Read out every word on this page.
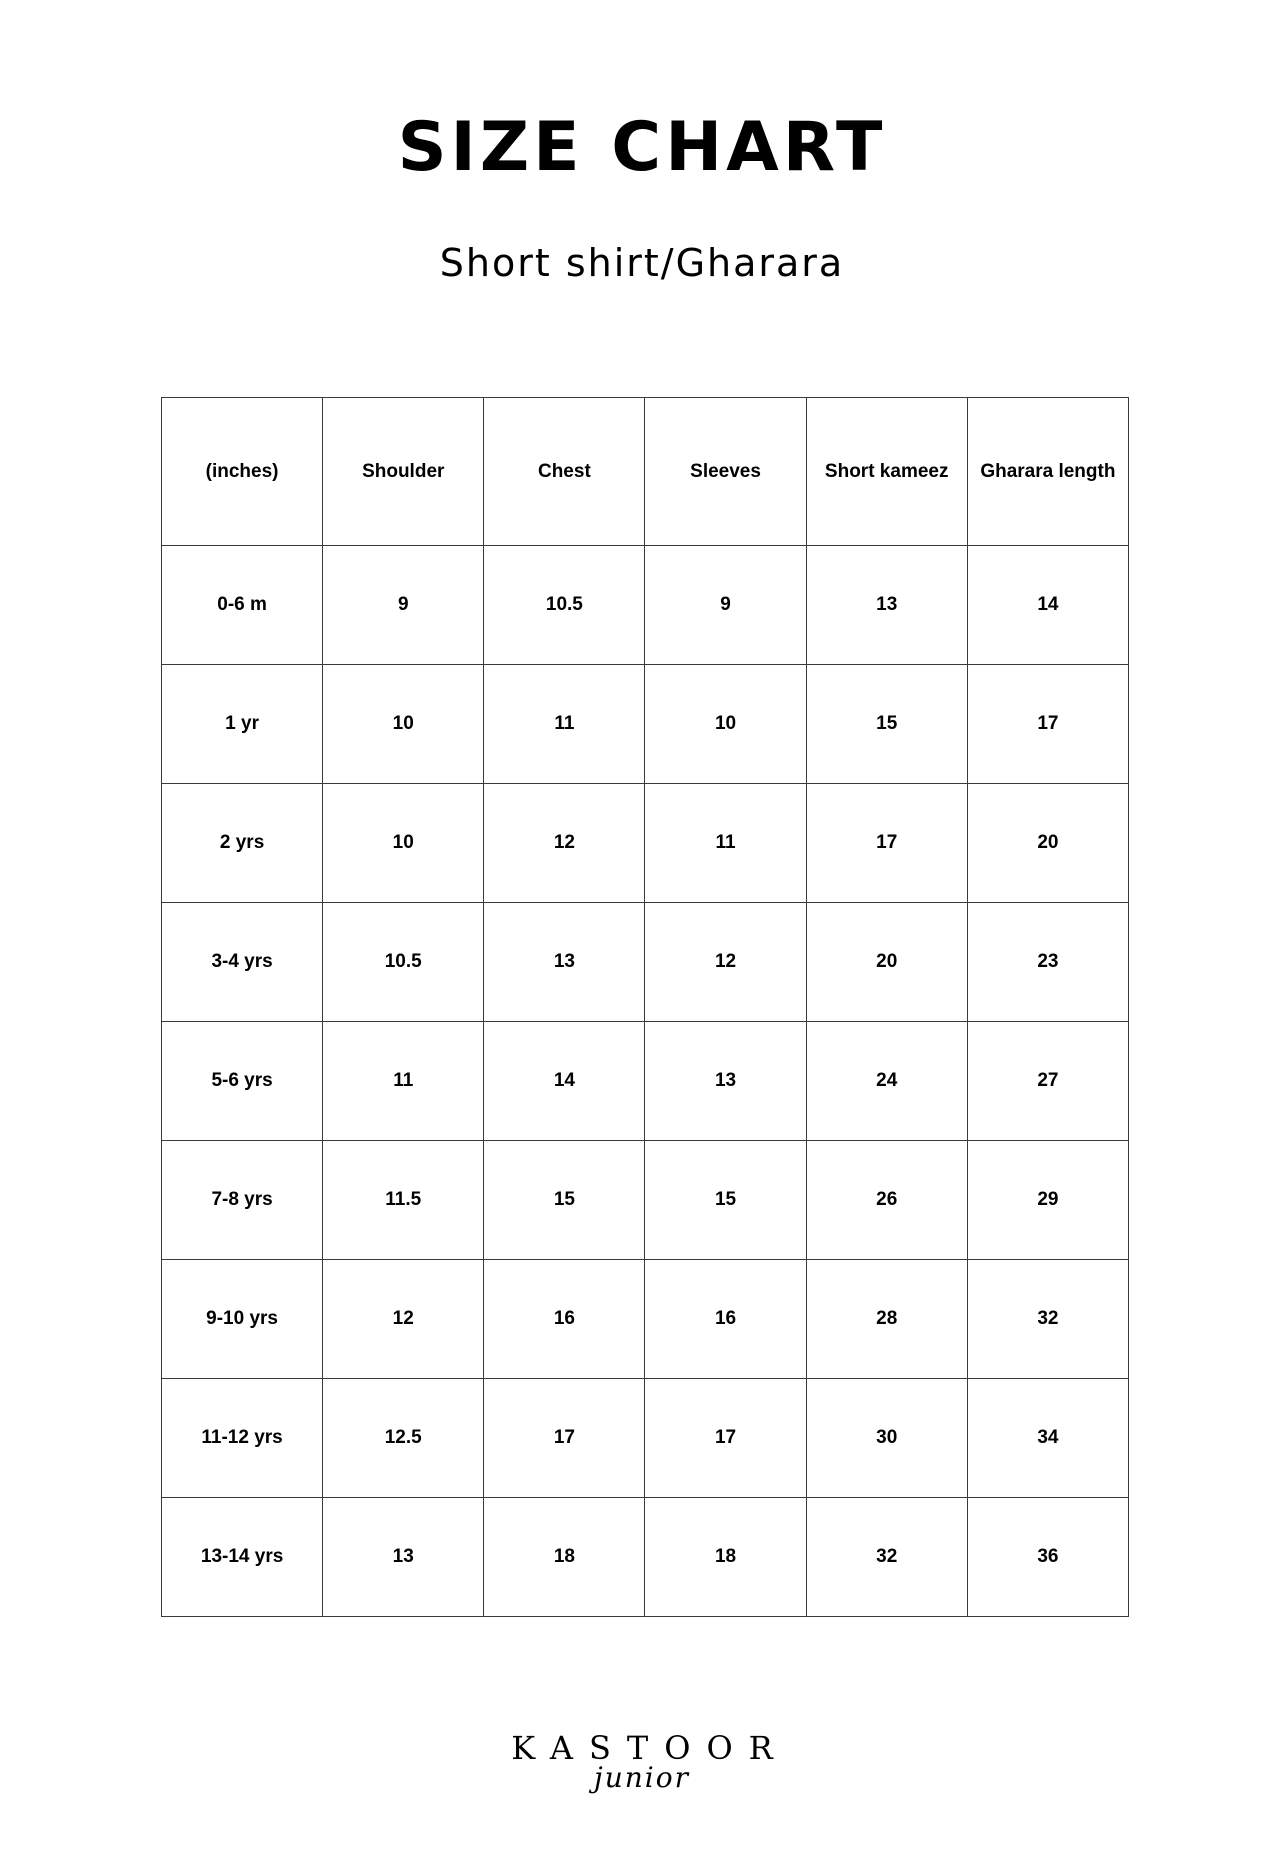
SIZE CHART
Short shirt/Gharara
(inches)	Shoulder	Chest	Sleeves	Short kameez	Gharara length
0-6 m	9	10.5	9	13	14
1 yr	10	11	10	15	17
2 yrs	10	12	11	17	20
3-4 yrs	10.5	13	12	20	23
5-6 yrs	11	14	13	24	27
7-8 yrs	11.5	15	15	26	29
9-10 yrs	12	16	16	28	32
11-12 yrs	12.5	17	17	30	34
13-14 yrs	13	18	18	32	36
KASTOOR
junior
